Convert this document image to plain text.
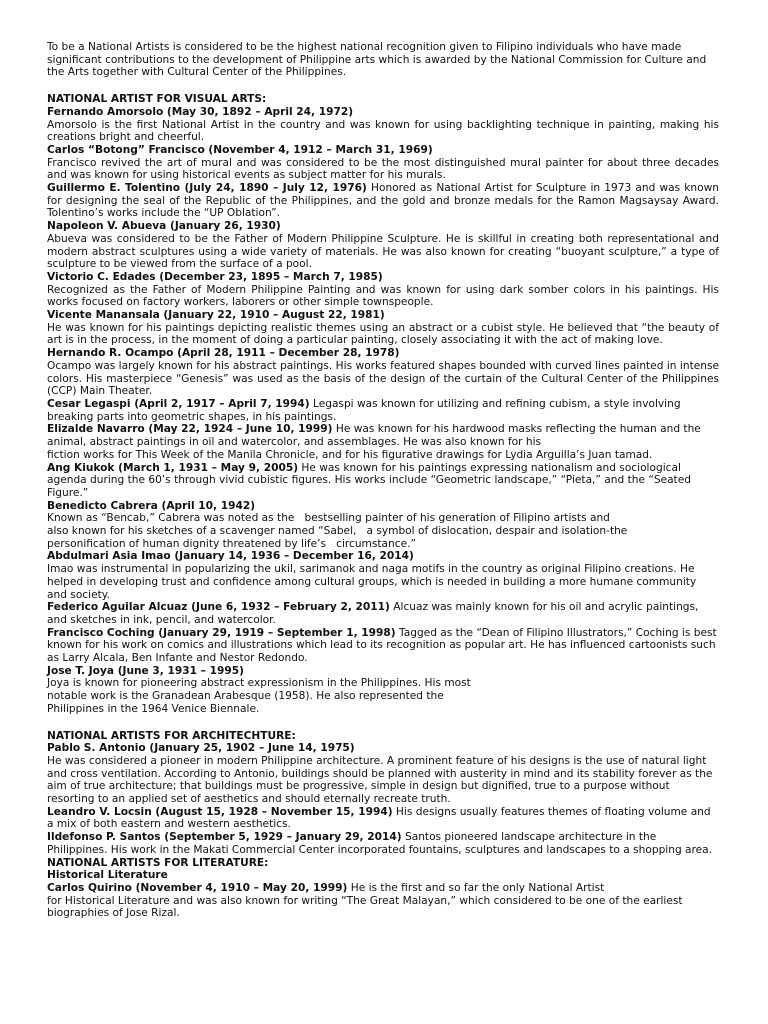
To be a National Artists is considered to be the highest national recognition given to Filipino individuals who have made significant contributions to the development of Philippine arts which is awarded by the National Commission for Culture and the Arts together with Cultural Center of the Philippines.

NATIONAL ARTIST FOR VISUAL ARTS:

Fernando Amorsolo (May 30, 1892 – April 24, 1972)

Amorsolo is the first National Artist in the country and was known for using backlighting technique in painting, making his creations bright and cheerful.

Carlos “Botong” Francisco (November 4, 1912 – March 31, 1969)

Francisco revived the art of mural and was considered to be the most distinguished mural painter for about three decades and was known for using historical events as subject matter for his murals.

Guillermo E. Tolentino (July 24, 1890 – July 12, 1976) Honored as National Artist for Sculpture in 1973 and was known for designing the seal of the Republic of the Philippines, and the gold and bronze medals for the Ramon Magsaysay Award. Tolentino’s works include the “UP Oblation”.

Napoleon V. Abueva (January 26, 1930)

Abueva was considered to be the Father of Modern Philippine Sculpture. He is skillful in creating both representational and modern abstract sculptures using a wide variety of materials. He was also known for creating “buoyant sculpture,” a type of sculpture to be viewed from the surface of a pool.

Victorio C. Edades (December 23, 1895 – March 7, 1985)

Recognized as the Father of Modern Philippine Painting and was known for using dark somber colors in his paintings. His works focused on factory workers, laborers or other simple townspeople.

Vicente Manansala (January 22, 1910 – August 22, 1981)

He was known for his paintings depicting realistic themes using an abstract or a cubist style. He believed that “the beauty of art is in the process, in the moment of doing a particular painting, closely associating it with the act of making love.

Hernando R. Ocampo (April 28, 1911 – December 28, 1978)

Ocampo was largely known for his abstract paintings. His works featured shapes bounded with curved lines painted in intense colors. His masterpiece “Genesis” was used as the basis of the design of the curtain of the Cultural Center of the Philippines (CCP) Main Theater.

Cesar Legaspi (April 2, 1917 – April 7, 1994) Legaspi was known for utilizing and refining cubism, a style involving breaking parts into geometric shapes, in his paintings.

Elizalde Navarro (May 22, 1924 – June 10, 1999) He was known for his hardwood masks reflecting the human and the animal, abstract paintings in oil and watercolor, and assemblages. He was also known for his

fiction works for This Week of the Manila Chronicle, and for his figurative drawings for Lydia Arguilla’s Juan tamad.

Ang Kiukok (March 1, 1931 – May 9, 2005) He was known for his paintings expressing nationalism and sociological agenda during the 60’s through vivid cubistic figures. His works include “Geometric landscape,” “Pieta,” and the “Seated Figure.”

Benedicto Cabrera (April 10, 1942)

Known as “Bencab,” Cabrera was noted as the   bestselling painter of his generation of Filipino artists and

also known for his sketches of a scavenger named “Sabel,   a symbol of dislocation, despair and isolation-the

personification of human dignity threatened by life’s   circumstance.”

Abdulmari Asia Imao (January 14, 1936 – December 16, 2014)

Imao was instrumental in popularizing the ukil, sarimanok and naga motifs in the country as original Filipino creations. He helped in developing trust and confidence among cultural groups, which is needed in building a more humane community and society.

Federico Aguilar Alcuaz (June 6, 1932 – February 2, 2011) Alcuaz was mainly known for his oil and acrylic paintings, and sketches in ink, pencil, and watercolor.

Francisco Coching (January 29, 1919 – September 1, 1998) Tagged as the “Dean of Filipino Illustrators,” Coching is best known for his work on comics and illustrations which lead to its recognition as popular art. He has influenced cartoonists such as Larry Alcala, Ben Infante and Nestor Redondo.

Jose T. Joya (June 3, 1931 – 1995)

Joya is known for pioneering abstract expressionism in the Philippines. His most

notable work is the Granadean Arabesque (1958). He also represented the

Philippines in the 1964 Venice Biennale.

NATIONAL ARTISTS FOR ARCHITECHTURE:

Pablo S. Antonio (January 25, 1902 – June 14, 1975)

He was considered a pioneer in modern Philippine architecture. A prominent feature of his designs is the use of natural light and cross ventilation. According to Antonio, buildings should be planned with austerity in mind and its stability forever as the aim of true architecture; that buildings must be progressive, simple in design but dignified, true to a purpose without resorting to an applied set of aesthetics and should eternally recreate truth.

Leandro V. Locsin (August 15, 1928 – November 15, 1994) His designs usually features themes of floating volume and a mix of both eastern and western aesthetics.

Ildefonso P. Santos (September 5, 1929 – January 29, 2014) Santos pioneered landscape architecture in the Philippines. His work in the Makati Commercial Center incorporated fountains, sculptures and landscapes to a shopping area.

NATIONAL ARTISTS FOR LITERATURE:

Historical Literature

Carlos Quirino (November 4, 1910 – May 20, 1999) He is the first and so far the only National Artist

for Historical Literature and was also known for writing “The Great Malayan,” which considered to be one of the earliest biographies of Jose Rizal.
